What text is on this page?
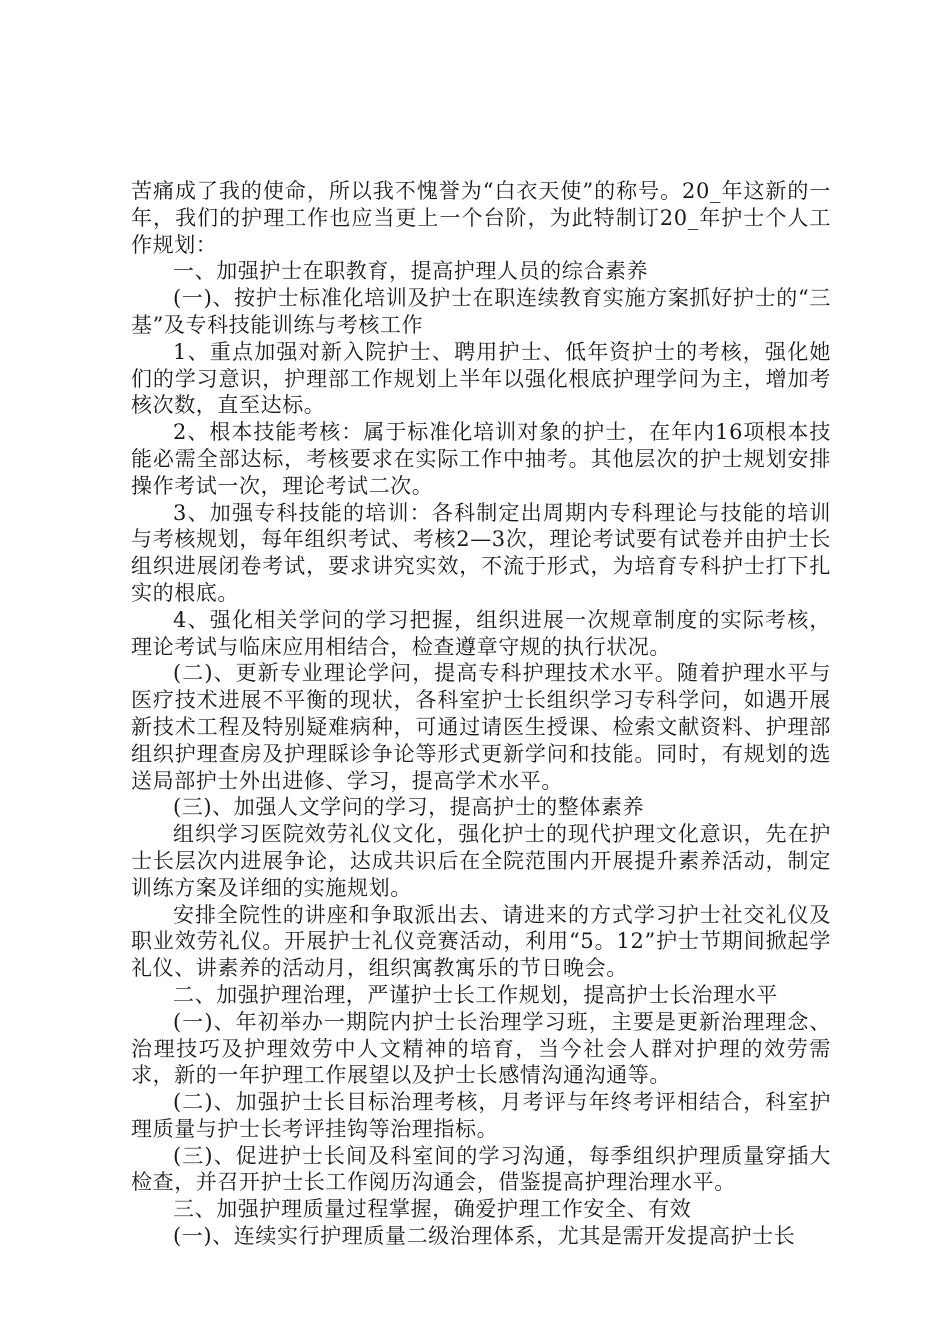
苦痛成了我的使命，所以我不愧誉为“白衣天使”的称号。20_年这新的一年，我们的护理工作也应当更上一个台阶，为此特制订20_年护士个人工作规划：

一、加强护士在职教育，提高护理人员的综合素养

(一)、按护士标准化培训及护士在职连续教育实施方案抓好护士的“三基”及专科技能训练与考核工作

1、重点加强对新入院护士、聘用护士、低年资护士的考核，强化她们的学习意识，护理部工作规划上半年以强化根底护理学问为主，增加考核次数，直至达标。

2、根本技能考核：属于标准化培训对象的护士，在年内16项根本技能必需全部达标，考核要求在实际工作中抽考。其他层次的护士规划安排操作考试一次，理论考试二次。

3、加强专科技能的培训：各科制定出周期内专科理论与技能的培训与考核规划，每年组织考试、考核2—3次，理论考试要有试卷并由护士长组织进展闭卷考试，要求讲究实效，不流于形式，为培育专科护士打下扎实的根底。

4、强化相关学问的学习把握，组织进展一次规章制度的实际考核，理论考试与临床应用相结合，检查遵章守规的执行状况。

(二)、更新专业理论学问，提高专科护理技术水平。随着护理水平与医疗技术进展不平衡的现状，各科室护士长组织学习专科学问，如遇开展新技术工程及特别疑难病种，可通过请医生授课、检索文献资料、护理部组织护理查房及护理睬诊争论等形式更新学问和技能。同时，有规划的选送局部护士外出进修、学习，提高学术水平。

(三)、加强人文学问的学习，提高护士的整体素养

组织学习医院效劳礼仪文化，强化护士的现代护理文化意识，先在护士长层次内进展争论，达成共识后在全院范围内开展提升素养活动，制定训练方案及详细的实施规划。

安排全院性的讲座和争取派出去、请进来的方式学习护士社交礼仪及职业效劳礼仪。开展护士礼仪竞赛活动，利用“5。12”护士节期间掀起学礼仪、讲素养的活动月，组织寓教寓乐的节日晚会。

二、加强护理治理，严谨护士长工作规划，提高护士长治理水平

(一)、年初举办一期院内护士长治理学习班，主要是更新治理理念、治理技巧及护理效劳中人文精神的培育，当今社会人群对护理的效劳需求，新的一年护理工作展望以及护士长感情沟通沟通等。

(二)、加强护士长目标治理考核，月考评与年终考评相结合，科室护理质量与护士长考评挂钩等治理指标。

(三)、促进护士长间及科室间的学习沟通，每季组织护理质量穿插大检查，并召开护士长工作阅历沟通会，借鉴提高护理治理水平。

三、加强护理质量过程掌握，确爱护理工作安全、有效

(一)、连续实行护理质量二级治理体系，尤其是需开发提高护士长
